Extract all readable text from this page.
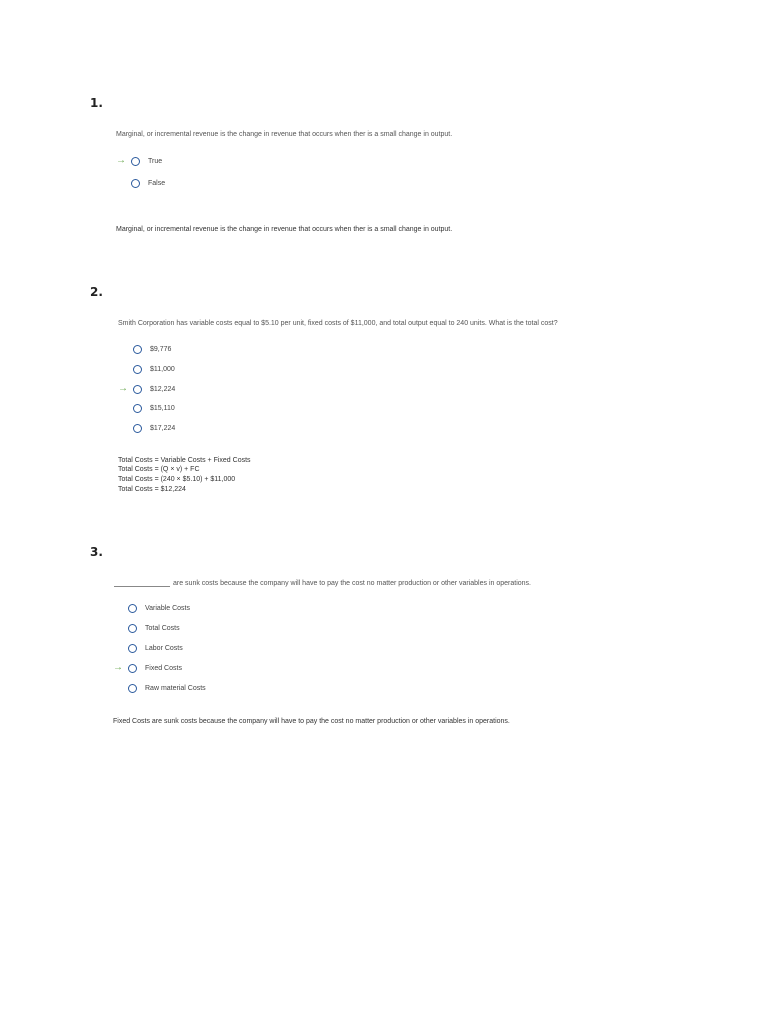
1.
Marginal, or incremental revenue is the change in revenue that occurs when ther is a small change in output.
→	True
False
Marginal, or incremental revenue is the change in revenue that occurs when ther is a small change in output.
2.
Smith Corporation has variable costs equal to $5.10 per unit, fixed costs of $11,000, and total output equal to 240 units. What is the total cost?
$9,776
$11,000
→	$12,224
$15,110
$17,224
Total Costs = Variable Costs + Fixed Costs
Total Costs = (Q × v) + FC
Total Costs = (240 × $5.10) + $11,000
Total Costs = $12,224
3.
are sunk costs because the company will have to pay the cost no matter production or other variables in operations.
Variable Costs
Total Costs
Labor Costs
→	Fixed Costs
Raw material Costs
Fixed Costs are sunk costs because the company will have to pay the cost no matter production or other variables in operations.
